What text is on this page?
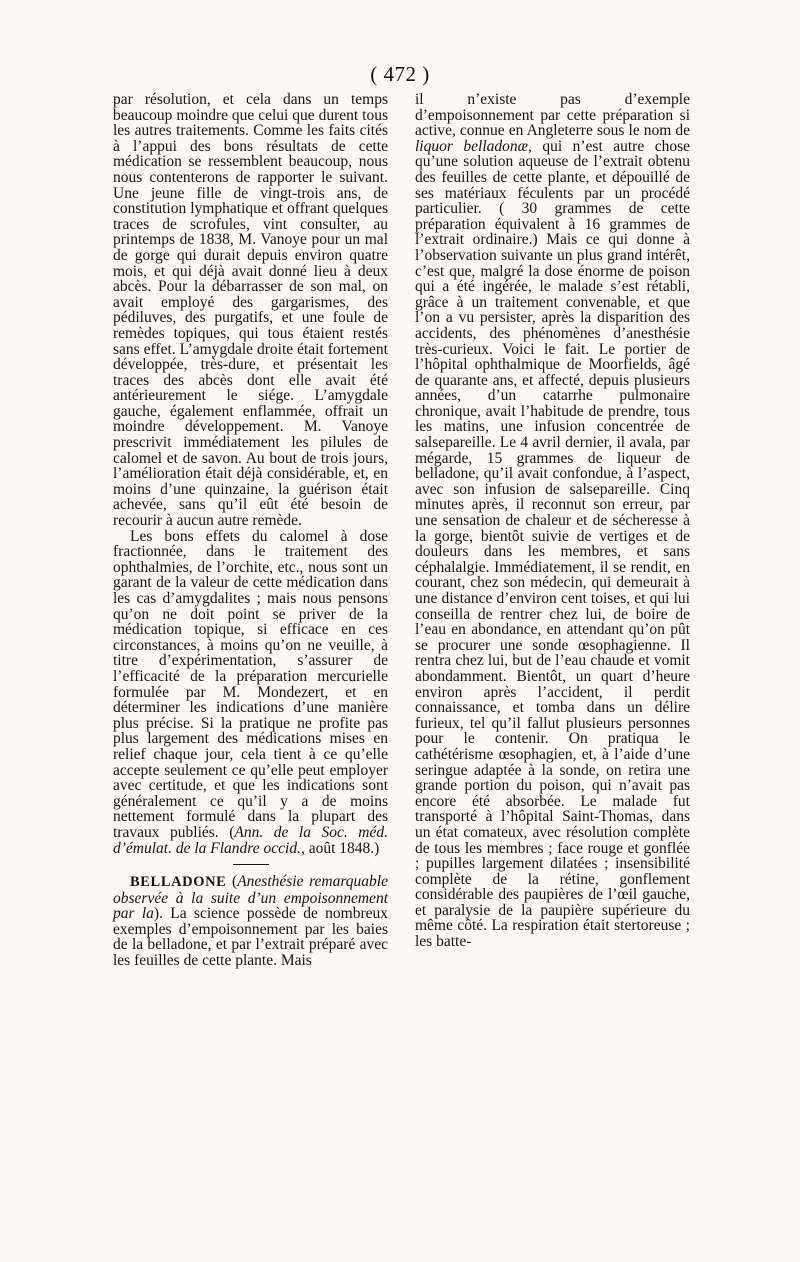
( 472 )

par résolution, et cela dans un temps beaucoup moindre que celui que durent tous les autres traitements. Comme les faits cités à l’appui des bons résultats de cette médication se ressemblent beaucoup, nous nous contenterons de rapporter le suivant. Une jeune fille de vingt-trois ans, de constitution lymphatique et offrant quelques traces de scrofules, vint consulter, au printemps de 1838, M. Vanoye pour un mal de gorge qui durait depuis environ quatre mois, et qui déjà avait donné lieu à deux abcès. Pour la débarrasser de son mal, on avait employé des gargarismes, des pédiluves, des purgatifs, et une foule de remèdes topiques, qui tous étaient restés sans effet. L’amygdale droite était fortement développée, très-dure, et présentait les traces des abcès dont elle avait été antérieurement le siége. L’amygdale gauche, également enflammée, offrait un moindre développement. M. Vanoye prescrivit immédiatement les pilules de calomel et de savon. Au bout de trois jours, l’amélioration était déjà considérable, et, en moins d’une quinzaine, la guérison était achevée, sans qu’il eût été besoin de recourir à aucun autre remède.

Les bons effets du calomel à dose fractionnée, dans le traitement des ophthalmies, de l’orchite, etc., nous sont un garant de la valeur de cette médication dans les cas d’amygdalites ; mais nous pensons qu’on ne doit point se priver de la médication topique, si efficace en ces circonstances, à moins qu’on ne veuille, à titre d’expérimentation, s’assurer de l’efficacité de la préparation mercurielle formulée par M. Mondezert, et en déterminer les indications d’une manière plus précise. Si la pratique ne profite pas plus largement des médications mises en relief chaque jour, cela tient à ce qu’elle accepte seulement ce qu’elle peut employer avec certitude, et que les indications sont généralement ce qu’il y a de moins nettement formulé dans la plupart des travaux publiés. (Ann. de la Soc. méd. d’émulat. de la Flandre occid., août 1848.)

BELLADONE (Anesthésie remarquable observée à la suite d’un empoisonnement par la). La science possède de nombreux exemples d’empoisonnement par les baies de la belladone, et par l’extrait préparé avec les feuilles de cette plante. Mais

il n’existe pas d’exemple d’empoisonnement par cette préparation si active, connue en Angleterre sous le nom de liquor belladonæ, qui n’est autre chose qu’une solution aqueuse de l’extrait obtenu des feuilles de cette plante, et dépouillé de ses matériaux féculents par un procédé particulier. ( 30 grammes de cette préparation équivalent à 16 grammes de l’extrait ordinaire.) Mais ce qui donne à l’observation suivante un plus grand intérêt, c’est que, malgré la dose énorme de poison qui a été ingérée, le malade s’est rétabli, grâce à un traitement convenable, et que l’on a vu persister, après la disparition des accidents, des phénomènes d’anesthésie très-curieux. Voici le fait. Le portier de l’hôpital ophthalmique de Moorfields, âgé de quarante ans, et affecté, depuis plusieurs années, d’un catarrhe pulmonaire chronique, avait l’habitude de prendre, tous les matins, une infusion concentrée de salsepareille. Le 4 avril dernier, il avala, par mégarde, 15 grammes de liqueur de belladone, qu’il avait confondue, à l’aspect, avec son infusion de salsepareille. Cinq minutes après, il reconnut son erreur, par une sensation de chaleur et de sécheresse à la gorge, bientôt suivie de vertiges et de douleurs dans les membres, et sans céphalalgie. Immédiatement, il se rendit, en courant, chez son médecin, qui demeurait à une distance d’environ cent toises, et qui lui conseilla de rentrer chez lui, de boire de l’eau en abondance, en attendant qu’on pût se procurer une sonde œsophagienne. Il rentra chez lui, but de l’eau chaude et vomit abondamment. Bientôt, un quart d’heure environ après l’accident, il perdit connaissance, et tomba dans un délire furieux, tel qu’il fallut plusieurs personnes pour le contenir. On pratiqua le cathétérisme œsophagien, et, à l’aide d’une seringue adaptée à la sonde, on retira une grande portion du poison, qui n’avait pas encore été absorbée. Le malade fut transporté à l’hôpital Saint-Thomas, dans un état comateux, avec résolution complète de tous les membres ; face rouge et gonflée ; pupilles largement dilatées ; insensibilité complète de la rétine, gonflement considérable des paupières de l’œil gauche, et paralysie de la paupière supérieure du même côté. La respiration était stertoreuse ; les batte-
